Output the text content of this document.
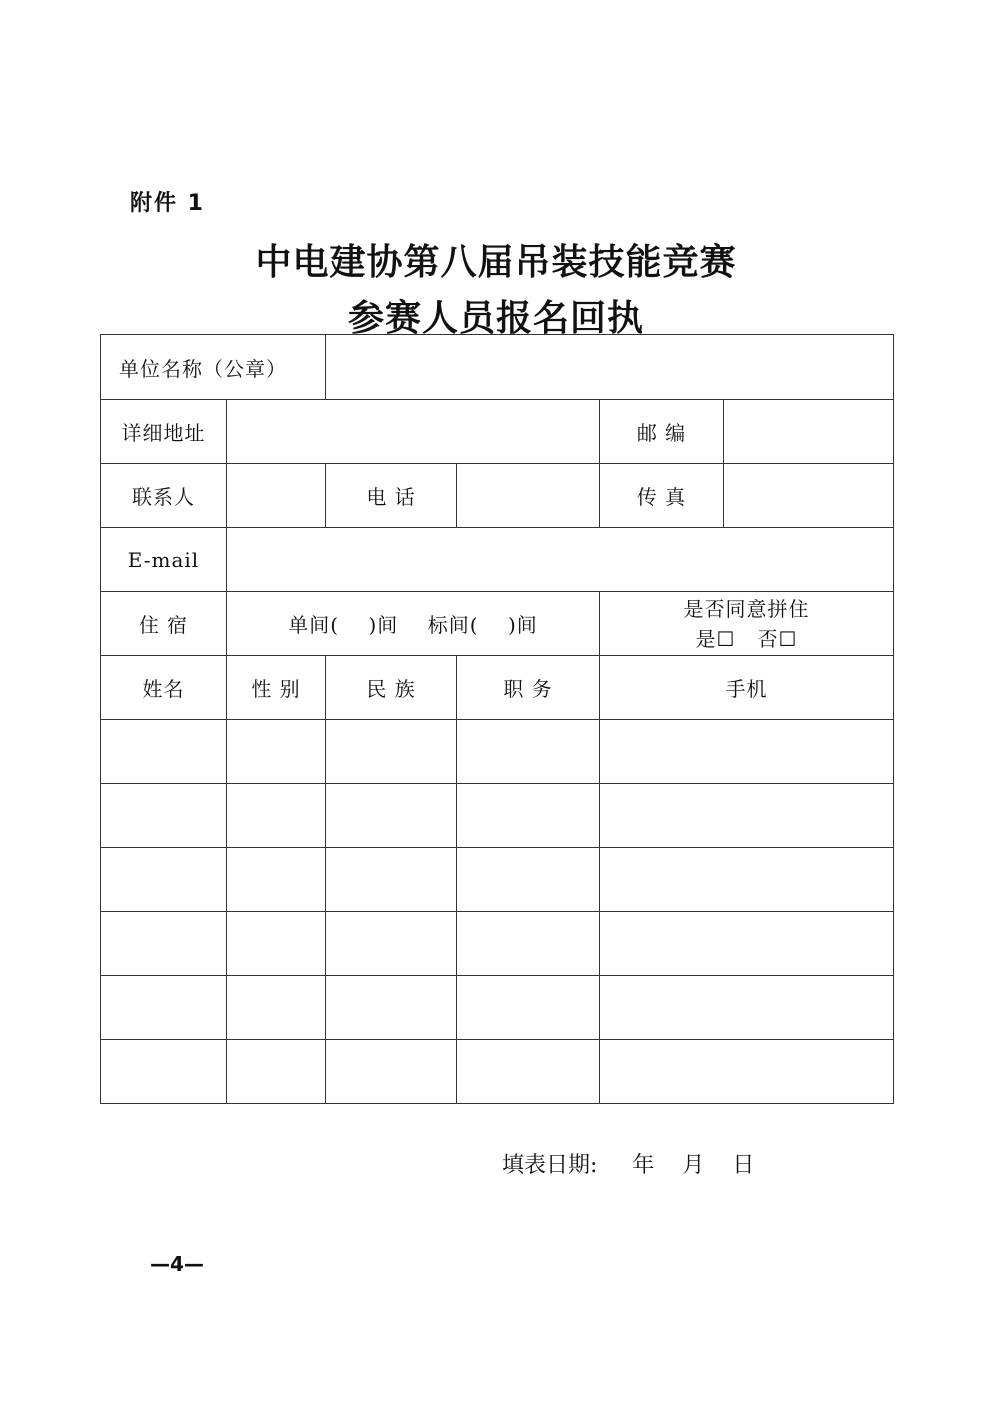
附件 1
中电建协第八届吊装技能竞赛
参赛人员报名回执
单位名称（公章）					
详细地址				邮 编	
联系人		电 话		传 真	
E-mail					
住 宿	单间(    )间    标间(    )间			是否同意拼住
是☐   否☐	

姓名	性 别	民 族	职 务	手机	

填表日期:     年    月    日
—4—
